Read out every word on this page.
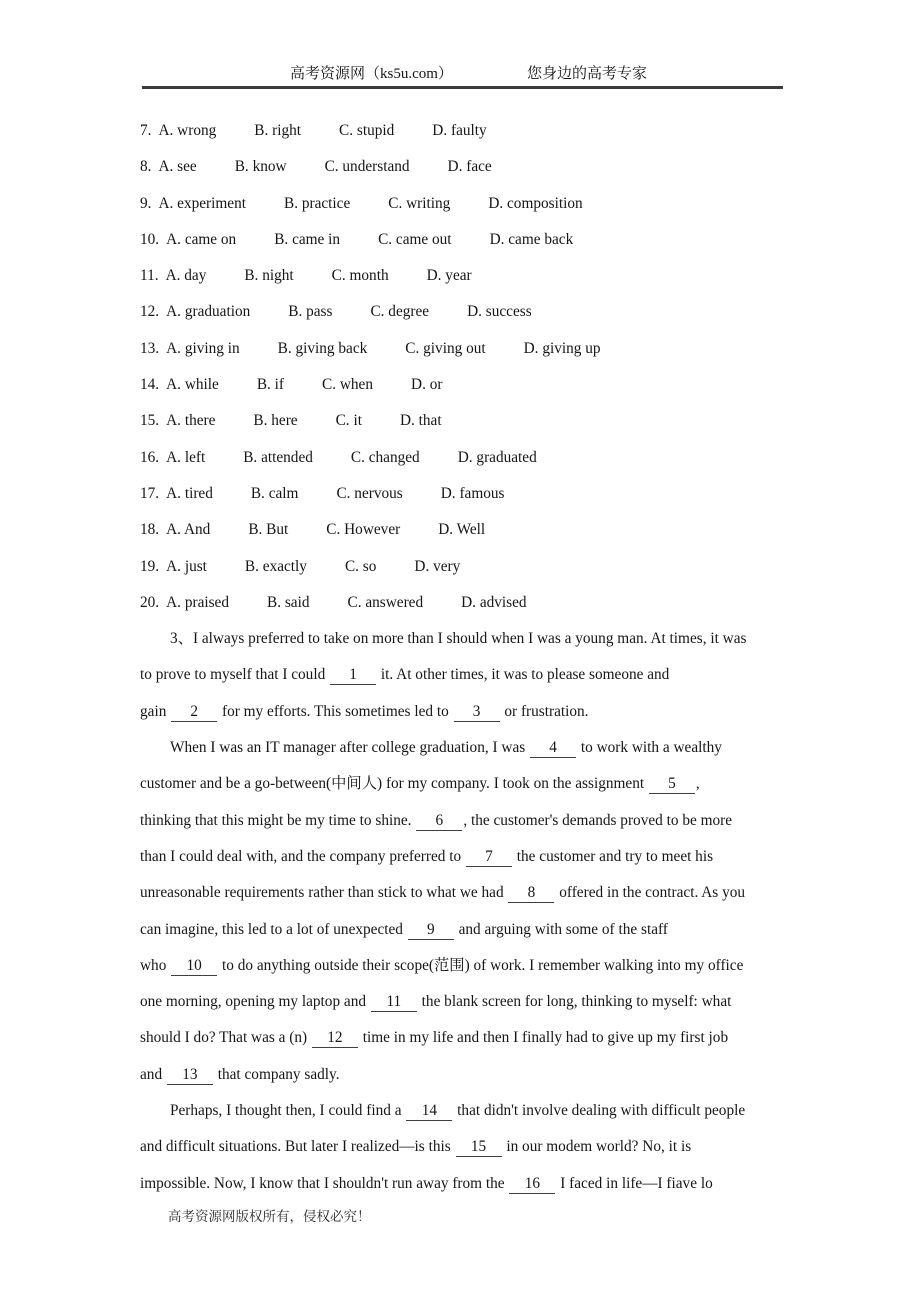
高考资源网（ks5u.com）	您身边的高考专家
7. A. wrong B. right C. stupid D. faulty
8. A. see B. know C. understand D. face
9. A. experiment B. practice C. writing D. composition
10. A. came on B. came in C. came out D. came back
11. A. day B. night C. month D. year
12. A. graduation B. pass C. degree D. success
13. A. giving in B. giving back C. giving out D. giving up
14. A. while B. if C. when D. or
15. A. there B. here C. it D. that
16. A. left B. attended C. changed D. graduated
17. A. tired B. calm C. nervous D. famous
18. A. And B. But C. However D. Well
19. A. just B. exactly C. so D. very
20. A. praised B. said C. answered D. advised
3、I always preferred to take on more than I should when I was a young man. At times, it was
to prove to myself that I could 1 it. At other times, it was to please someone and
gain 2 for my efforts. This sometimes led to 3 or frustration.
When I was an IT manager after college graduation, I was 4 to work with a wealthy
customer and be a go-between(中间人) for my company. I took on the assignment 5 ,
thinking that this might be my time to shine. 6 , the customer's demands proved to be more
than I could deal with, and the company preferred to 7 the customer and try to meet his
unreasonable requirements rather than stick to what we had 8 offered in the contract. As you
can imagine, this led to a lot of unexpected 9 and arguing with some of the staff
who 10 to do anything outside their scope(范围) of work. I remember walking into my office
one morning, opening my laptop and 11 the blank screen for long, thinking to myself: what
should I do? That was a (n) 12 time in my life and then I finally had to give up my first job
and 13 that company sadly.
Perhaps, I thought then, I could find a 14 that didn't involve dealing with difficult people
and difficult situations. But later I realized—is this 15 in our modem world? No, it is
impossible. Now, I know that I shouldn't run away from the 16 I faced in life—I fiave lo
高考资源网版权所有，侵权必究！
